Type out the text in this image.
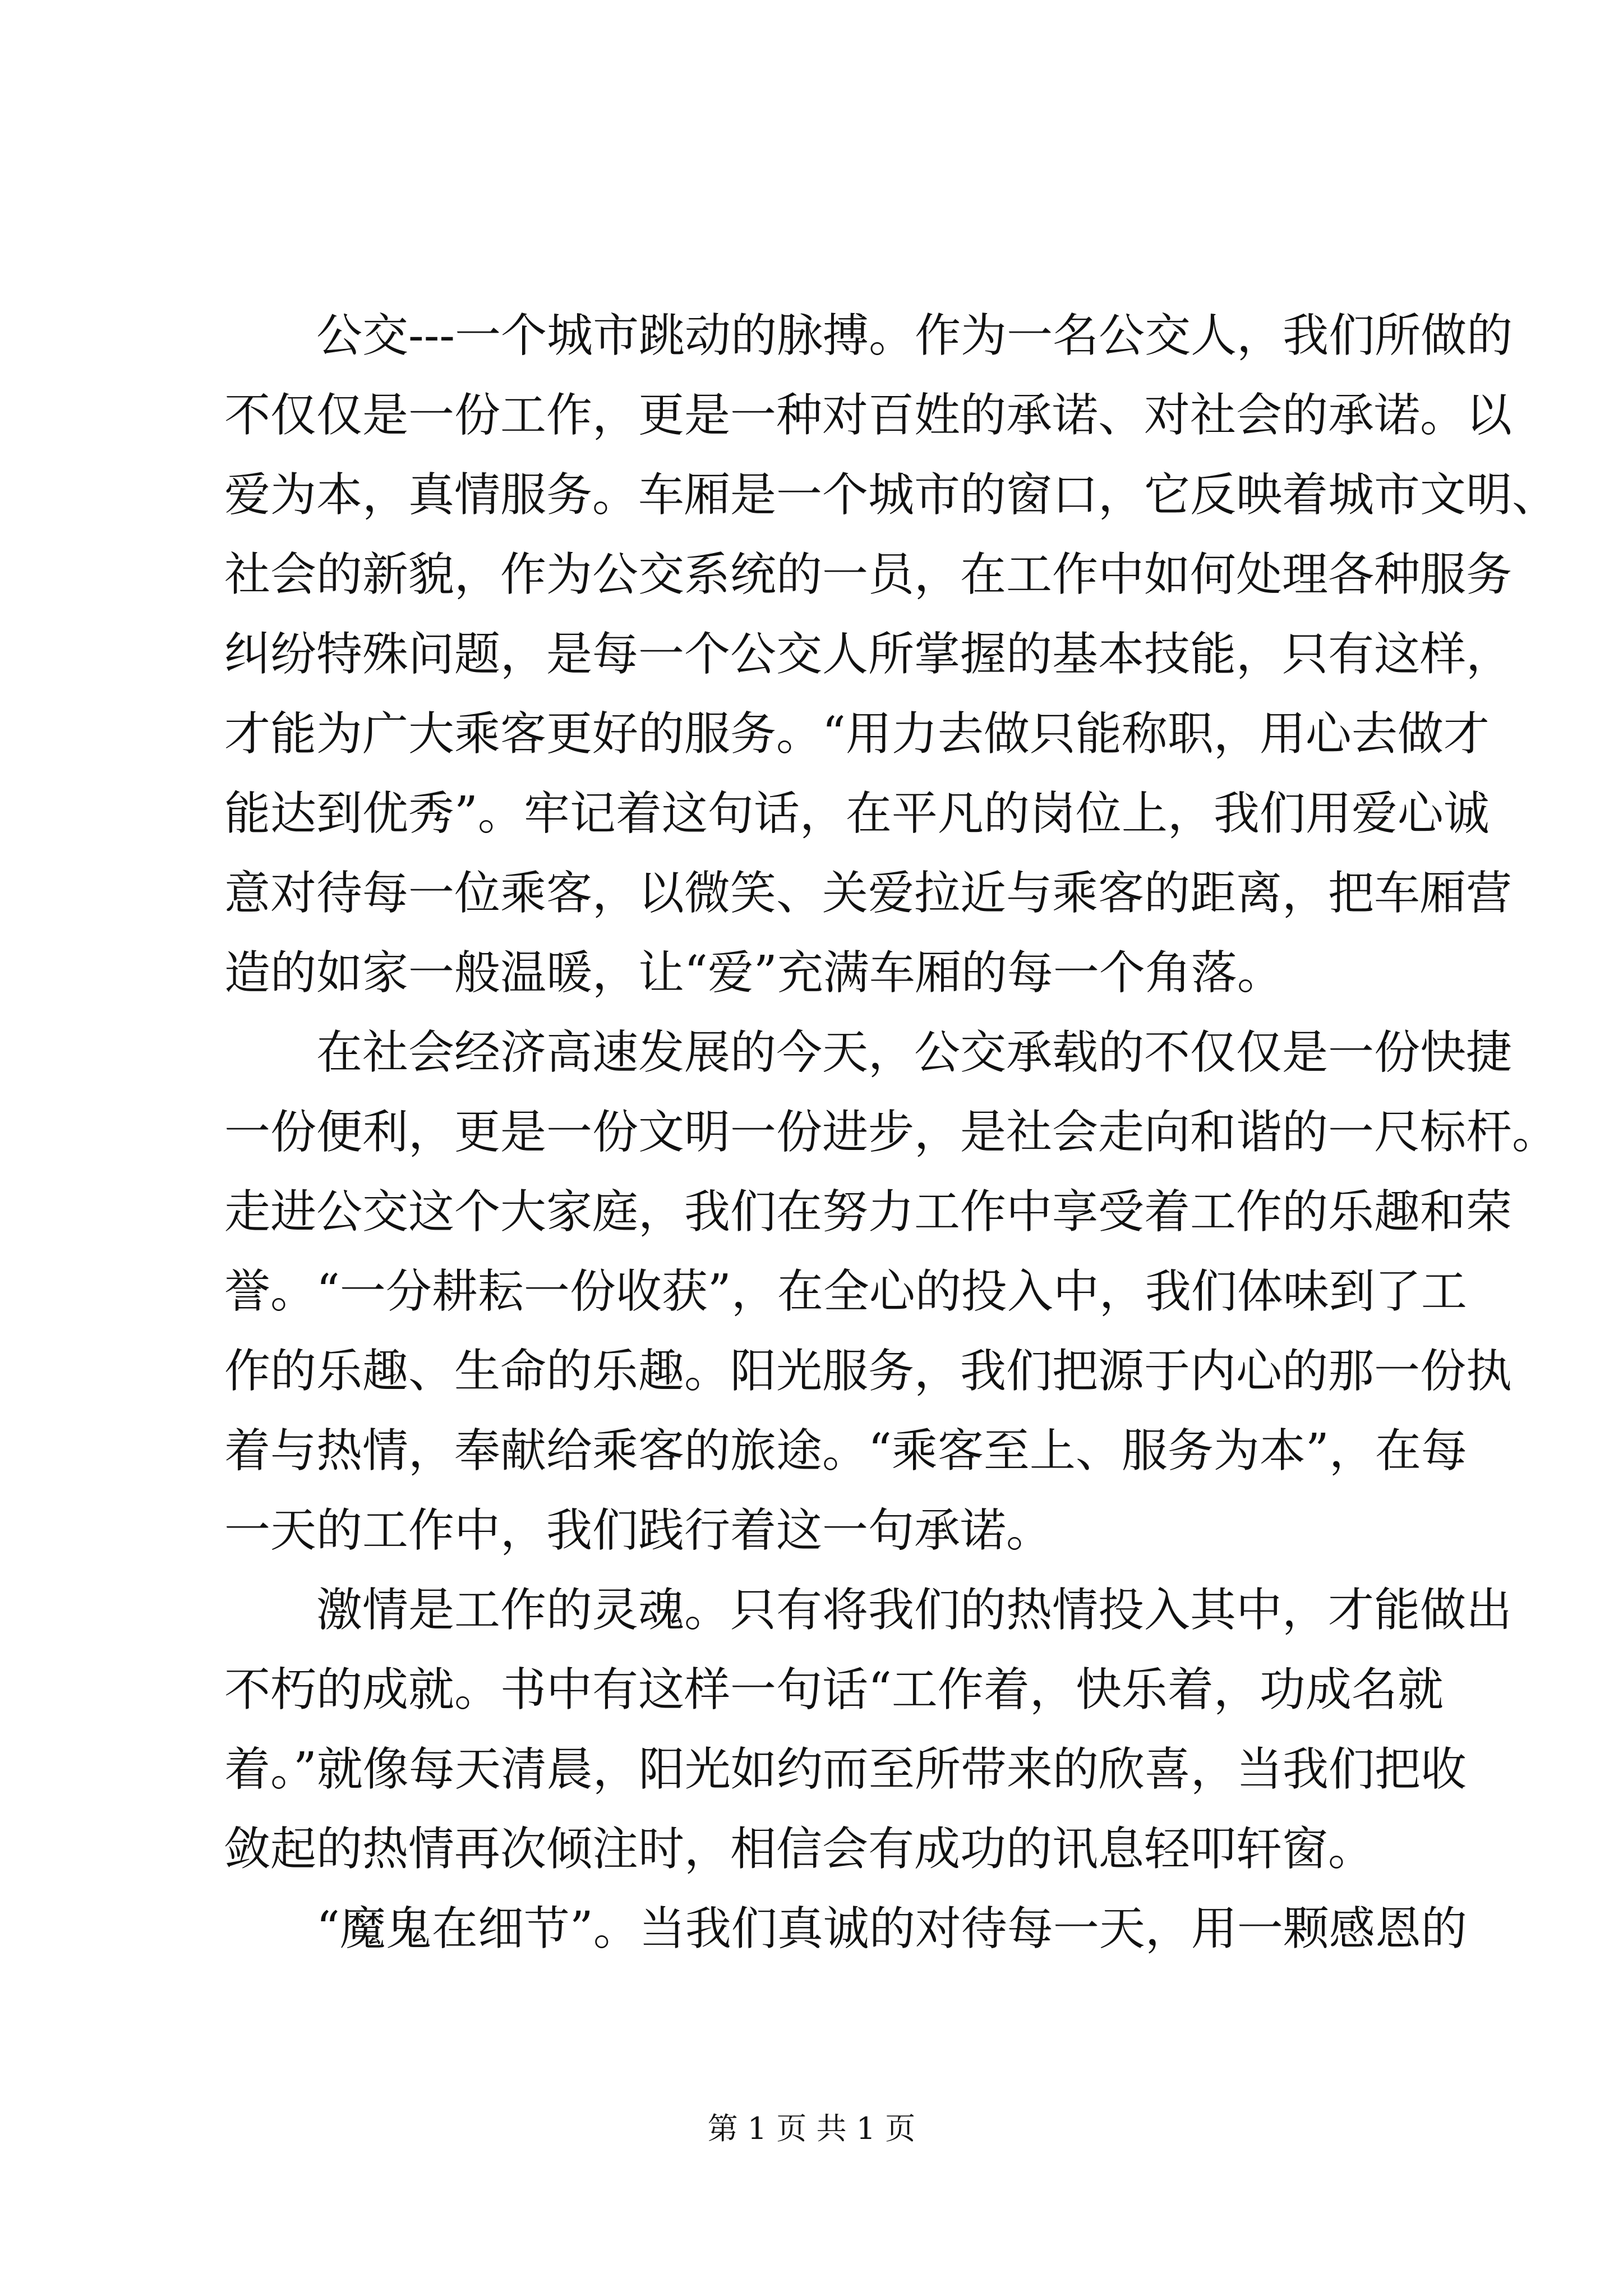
公交---一个城市跳动的脉搏。作为一名公交人，我们所做的
不仅仅是一份工作，更是一种对百姓的承诺、对社会的承诺。以
爱为本，真情服务。车厢是一个城市的窗口，它反映着城市文明、
社会的新貌，作为公交系统的一员，在工作中如何处理各种服务
纠纷特殊问题，是每一个公交人所掌握的基本技能，只有这样，
才能为广大乘客更好的服务。“用力去做只能称职，用心去做才
能达到优秀”。牢记着这句话，在平凡的岗位上，我们用爱心诚
意对待每一位乘客，以微笑、关爱拉近与乘客的距离，把车厢营
造的如家一般温暖，让“爱”充满车厢的每一个角落。
在社会经济高速发展的今天，公交承载的不仅仅是一份快捷
一份便利，更是一份文明一份进步，是社会走向和谐的一尺标杆。
走进公交这个大家庭，我们在努力工作中享受着工作的乐趣和荣
誉。“一分耕耘一份收获”，在全心的投入中，我们体味到了工
作的乐趣、生命的乐趣。阳光服务，我们把源于内心的那一份执
着与热情，奉献给乘客的旅途。“乘客至上、服务为本”，在每
一天的工作中，我们践行着这一句承诺。
激情是工作的灵魂。只有将我们的热情投入其中，才能做出
不朽的成就。书中有这样一句话“工作着，快乐着，功成名就
着。”就像每天清晨，阳光如约而至所带来的欣喜，当我们把收
敛起的热情再次倾注时，相信会有成功的讯息轻叩轩窗。
“魔鬼在细节”。当我们真诚的对待每一天，用一颗感恩的
第 1 页 共 1 页
